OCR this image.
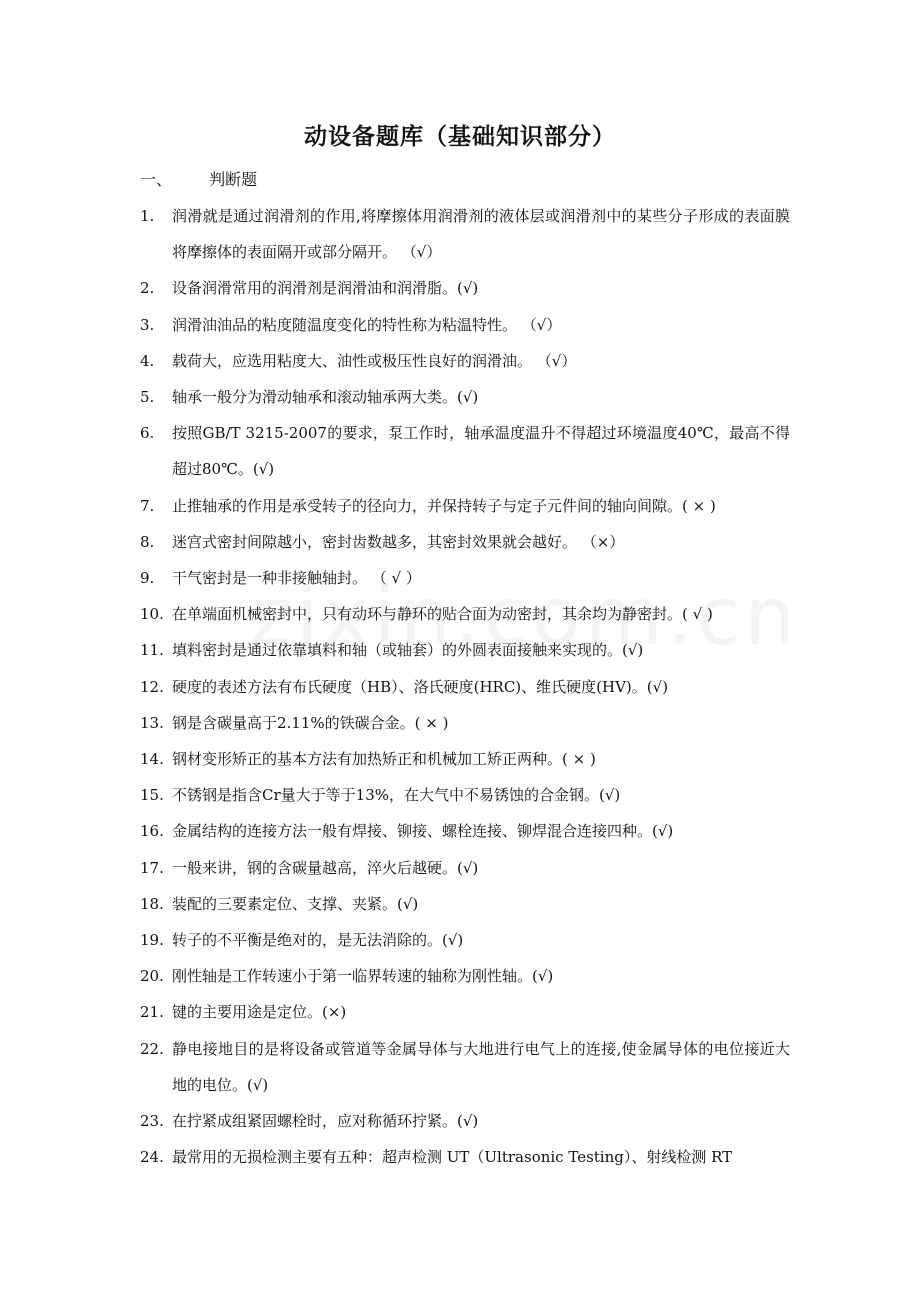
动设备题库（基础知识部分）
一、 判断题
1. 润滑就是通过润滑剂的作用,将摩擦体用润滑剂的液体层或润滑剂中的某些分子形成的表面膜将摩擦体的表面隔开或部分隔开。 （√）
2. 设备润滑常用的润滑剂是润滑油和润滑脂。(√)
3. 润滑油油品的粘度随温度变化的特性称为粘温特性。 （√）
4. 载荷大，应选用粘度大、油性或极压性良好的润滑油。 （√）
5. 轴承一般分为滑动轴承和滚动轴承两大类。(√)
6. 按照GB/T 3215-2007的要求，泵工作时，轴承温度温升不得超过环境温度40℃，最高不得超过80℃。(√)
7. 止推轴承的作用是承受转子的径向力，并保持转子与定子元件间的轴向间隙。( × )
8. 迷宫式密封间隙越小，密封齿数越多，其密封效果就会越好。 （×）
9. 干气密封是一种非接触轴封。 （ √ ）
10. 在单端面机械密封中，只有动环与静环的贴合面为动密封，其余均为静密封。( √ )
11. 填料密封是通过依靠填料和轴（或轴套）的外圆表面接触来实现的。(√)
12. 硬度的表述方法有布氏硬度（HB）、洛氏硬度(HRC)、维氏硬度(HV)。(√)
13. 钢是含碳量高于2.11%的铁碳合金。( × )
14. 钢材变形矫正的基本方法有加热矫正和机械加工矫正两种。( × )
15. 不锈钢是指含Cr量大于等于13%，在大气中不易锈蚀的合金钢。(√)
16. 金属结构的连接方法一般有焊接、铆接、螺栓连接、铆焊混合连接四种。(√)
17. 一般来讲，钢的含碳量越高，淬火后越硬。(√)
18. 装配的三要素定位、支撑、夹紧。(√)
19. 转子的不平衡是绝对的，是无法消除的。(√)
20. 刚性轴是工作转速小于第一临界转速的轴称为刚性轴。(√)
21. 键的主要用途是定位。(×)
22. 静电接地目的是将设备或管道等金属导体与大地进行电气上的连接,使金属导体的电位接近大地的电位。(√)
23. 在拧紧成组紧固螺栓时，应对称循环拧紧。(√)
24. 最常用的无损检测主要有五种：超声检测 UT（Ultrasonic Testing）、射线检测 RT
